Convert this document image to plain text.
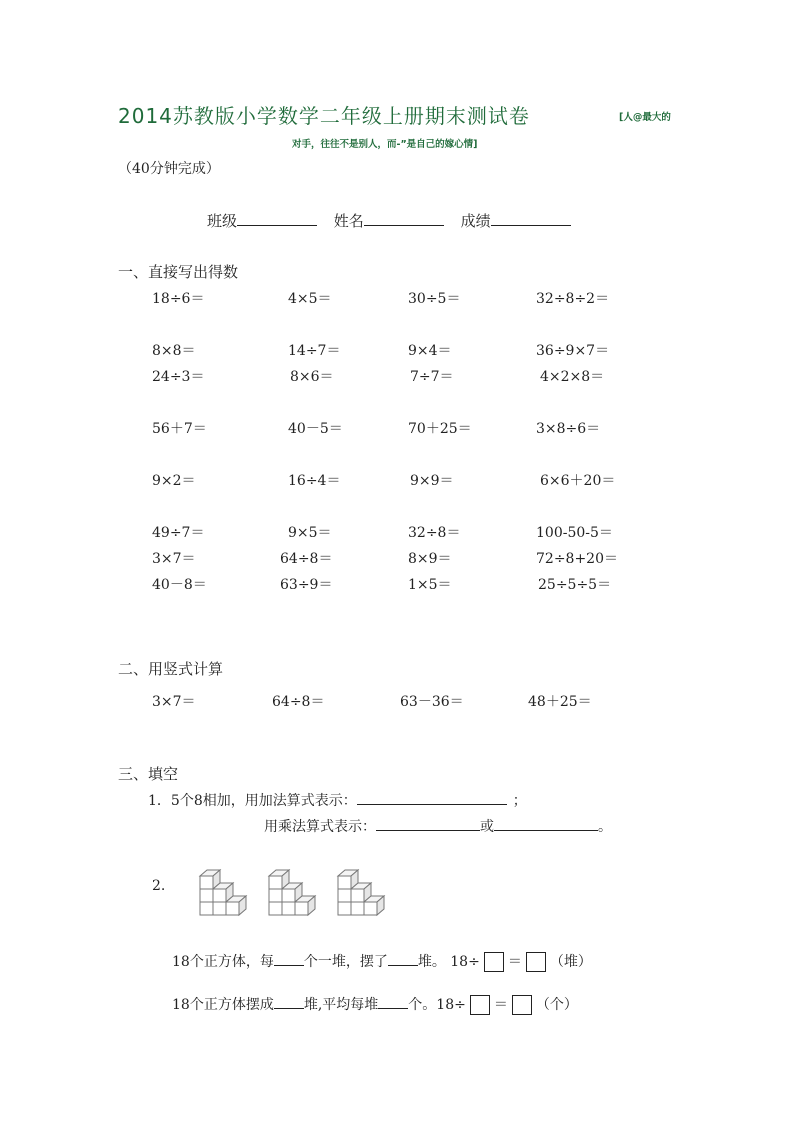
2014苏教版小学数学二年级上册期末测试卷	[人@最大的
对手，往往不是别人，而-”是自己的嫁心情]
（40分钟完成）
班级	姓名	成绩
一、直接写出得数
18÷6＝	4×5＝	30÷5＝	32÷8÷2＝
8×8＝	14÷7＝	9×4＝	36÷9×7＝
24÷3＝	8×6＝	7÷7＝	4×2×8＝
56＋7＝	40－5＝	70＋25＝	3×8÷6＝
9×2＝	16÷4＝	9×9＝	6×6＋20＝
49÷7＝	9×5＝	32÷8＝	100-50-5＝
3×7＝	64÷8＝	8×9＝	72÷8+20＝
40－8＝	63÷9＝	1×5＝	25÷5÷5＝
二、用竖式计算
3×7＝	64÷8＝	63－36＝	48＋25＝
三、填空
1．5个8相加，用加法算式表示：	；
用乘法算式表示：	或	。
2.
18个正方体，每 个一堆，摆了 堆。 18÷ ＝ （堆）
18个正方体摆成 堆,平均每堆 个。18÷ ＝ （个）
